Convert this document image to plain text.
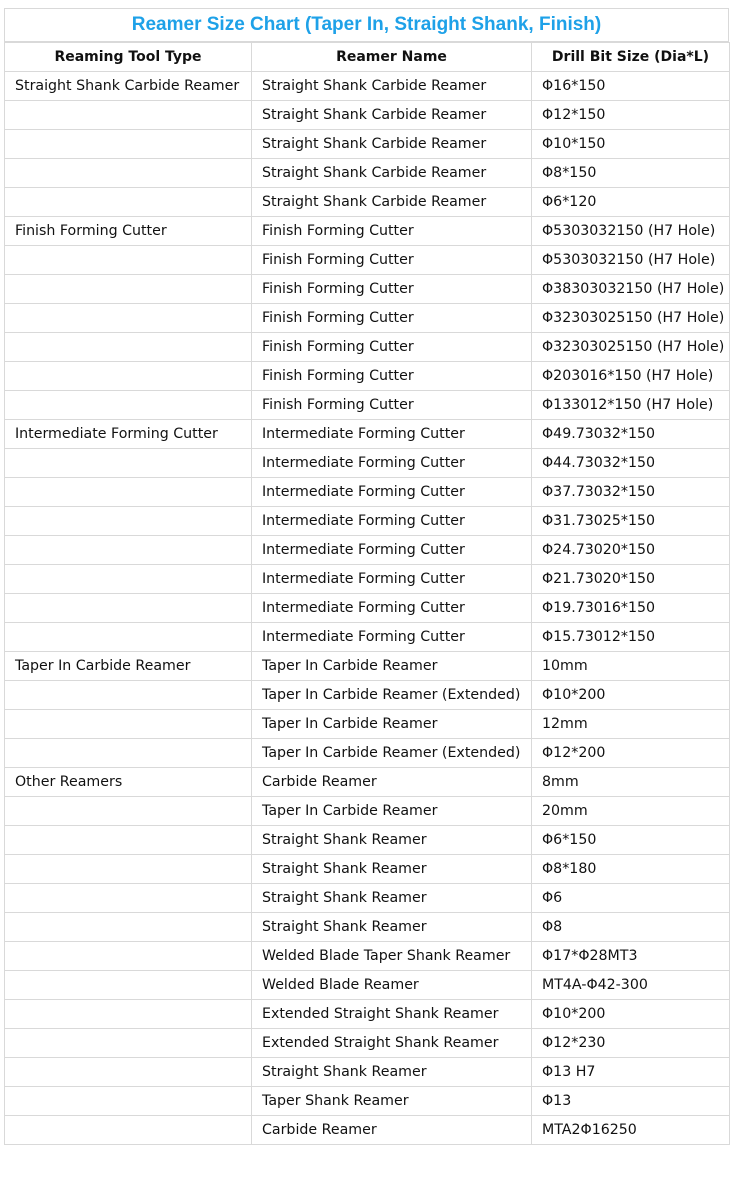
Reamer Size Chart (Taper In, Straight Shank, Finish)
Reaming Tool Type	Reamer Name	Drill Bit Size (Dia*L)
Straight Shank Carbide Reamer	Straight Shank Carbide Reamer	Φ16*150
	Straight Shank Carbide Reamer	Φ12*150
	Straight Shank Carbide Reamer	Φ10*150
	Straight Shank Carbide Reamer	Φ8*150
	Straight Shank Carbide Reamer	Φ6*120
Finish Forming Cutter	Finish Forming Cutter	Φ5303032150 (H7 Hole)
	Finish Forming Cutter	Φ5303032150 (H7 Hole)
	Finish Forming Cutter	Φ38303032150 (H7 Hole)
	Finish Forming Cutter	Φ32303025150 (H7 Hole)
	Finish Forming Cutter	Φ32303025150 (H7 Hole)
	Finish Forming Cutter	Φ203016*150 (H7 Hole)
	Finish Forming Cutter	Φ133012*150 (H7 Hole)
Intermediate Forming Cutter	Intermediate Forming Cutter	Φ49.73032*150
	Intermediate Forming Cutter	Φ44.73032*150
	Intermediate Forming Cutter	Φ37.73032*150
	Intermediate Forming Cutter	Φ31.73025*150
	Intermediate Forming Cutter	Φ24.73020*150
	Intermediate Forming Cutter	Φ21.73020*150
	Intermediate Forming Cutter	Φ19.73016*150
	Intermediate Forming Cutter	Φ15.73012*150
Taper In Carbide Reamer	Taper In Carbide Reamer	10mm
	Taper In Carbide Reamer (Extended)	Φ10*200
	Taper In Carbide Reamer	12mm
	Taper In Carbide Reamer (Extended)	Φ12*200
Other Reamers	Carbide Reamer	8mm
	Taper In Carbide Reamer	20mm
	Straight Shank Reamer	Φ6*150
	Straight Shank Reamer	Φ8*180
	Straight Shank Reamer	Φ6
	Straight Shank Reamer	Φ8
	Welded Blade Taper Shank Reamer	Φ17*Φ28MT3
	Welded Blade Reamer	MT4A-Φ42-300
	Extended Straight Shank Reamer	Φ10*200
	Extended Straight Shank Reamer	Φ12*230
	Straight Shank Reamer	Φ13 H7
	Taper Shank Reamer	Φ13
	Carbide Reamer	MTA2Φ16250
